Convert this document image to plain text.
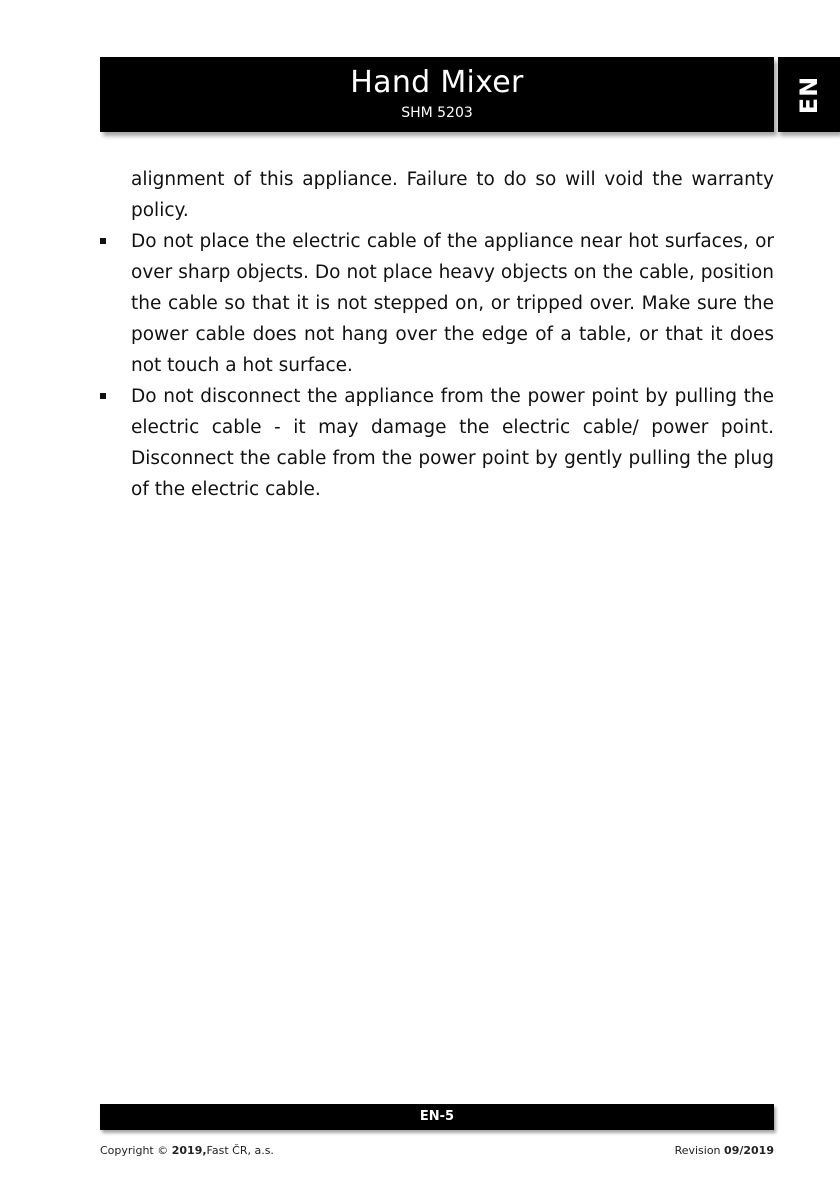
Hand Mixer
SHM 5203	EN

alignment of this appliance. Failure to do so will void the warranty policy.

Do not place the electric cable of the appliance near hot surfaces, or over sharp objects. Do not place heavy objects on the cable, position the cable so that it is not stepped on, or tripped over. Make sure the power cable does not hang over the edge of a table, or that it does not touch a hot surface.
Do not disconnect the appliance from the power point by pulling the electric cable - it may damage the electric cable/ power point. Disconnect the cable from the power point by gently pulling the plug of the electric cable.
EN-5
Copyright © 2019,Fast ČR, a.s.	Revision 09/2019
